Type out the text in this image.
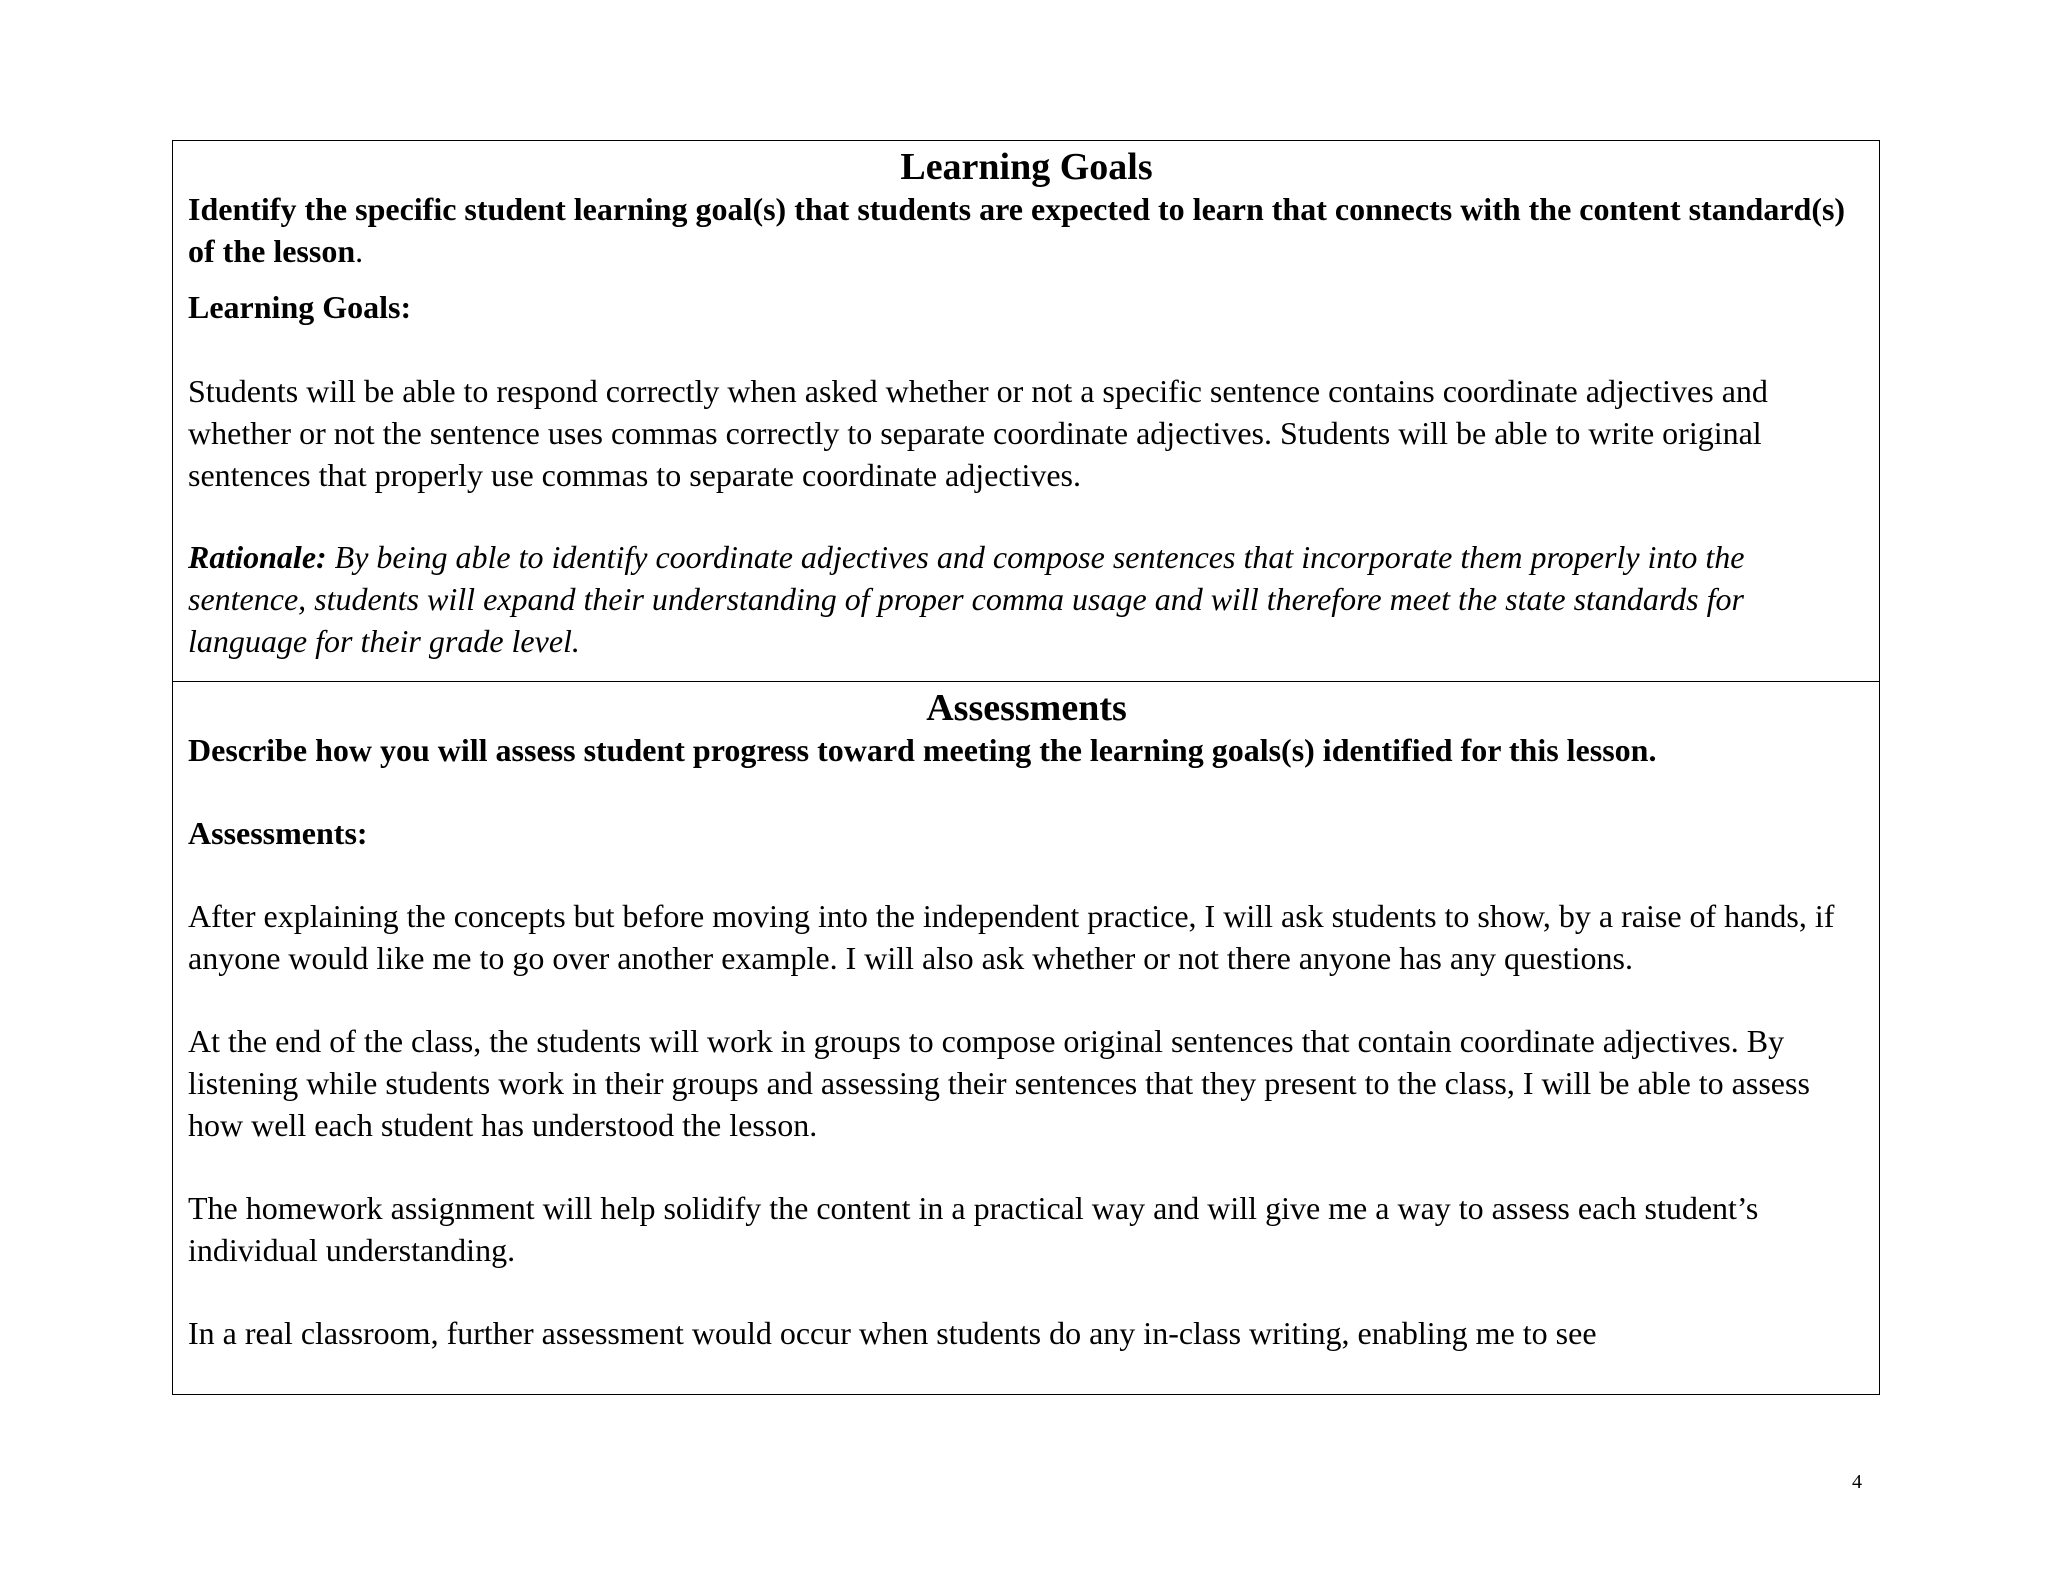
Learning Goals

Identify the specific student learning goal(s) that students are expected to learn that connects with the content standard(s) of the lesson.

Learning Goals:

Students will be able to respond correctly when asked whether or not a specific sentence contains coordinate adjectives and whether or not the sentence uses commas correctly to separate coordinate adjectives. Students will be able to write original sentences that properly use commas to separate coordinate adjectives.

Rationale: By being able to identify coordinate adjectives and compose sentences that incorporate them properly into the sentence, students will expand their understanding of proper comma usage and will therefore meet the state standards for language for their grade level.

Assessments

Describe how you will assess student progress toward meeting the learning goals(s) identified for this lesson.

Assessments:

After explaining the concepts but before moving into the independent practice, I will ask students to show, by a raise of hands, if anyone would like me to go over another example. I will also ask whether or not there anyone has any questions.

At the end of the class, the students will work in groups to compose original sentences that contain coordinate adjectives. By listening while students work in their groups and assessing their sentences that they present to the class, I will be able to assess how well each student has understood the lesson.

The homework assignment will help solidify the content in a practical way and will give me a way to assess each student’s individual understanding.

In a real classroom, further assessment would occur when students do any in-class writing, enabling me to see

4
